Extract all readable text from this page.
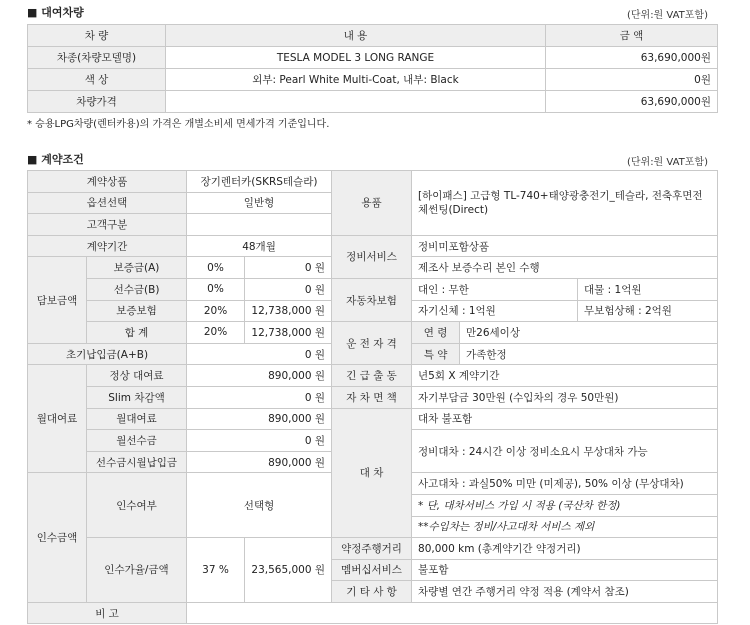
■ 대여차량	(단위:원 VAT포함)
차 량	내 용	금 액
차종(차량모델명)	TESLA MODEL 3 LONG RANGE	63,690,000원
색 상	외부: Pearl White Multi-Coat, 내부: Black	0원
차량가격		63,690,000원
* 승용LPG차량(렌터카용)의 가격은 개별소비세 면세가격 기준입니다.
■ 계약조건	(단위:원 VAT포함)
계약상품		장기렌터카(SKRS테슬라)		용품	[하이패스] 고급형 TL-740+태양광충전기_테슬라, 전축후면전체썬팅(Direct)		
옵션선택		일반형					
고객구분							
계약기간		48개월		정비서비스	정비미포함상품		
담보금액	보증금(A)	0%	0 원		제조사 보증수리 본인 수행		
	선수금(B)	0%	0 원	자동차보험	대인 : 무한		대물 : 1억원
	보증보험	20%	12,738,000 원		자기신체 : 1억원		무보험상해 : 2억원
	합 계	20%	12,738,000 원	운 전 자 격	연 령	만26세이상	
초기납입금(A+B)		0 원			특 약	가족한정	
월대여료	정상 대여료	890,000 원		긴 급 출 동	년5회 X 계약기간		
	Slim 차감액	0 원		자 차 면 책	자기부담금 30만원 (수입차의 경우 50만원)		
	월대여료	890,000 원		대 차	대차 불포함		
	월선수금	0 원			정비대차 : 24시간 이상 정비소요시 무상대차 가능		
	선수금시월납입금	890,000 원					
인수금액	인수여부	선택형			사고대차 : 과실50% 미만 (미제공), 50% 이상 (무상대차)		
					* 단, 대차서비스 가입 시 적용 (국산차 한정)		
					**수입차는 정비/사고대차 서비스 제외		
	인수가율/금액	37 %	23,565,000 원	약정주행거리	80,000 km (총계약기간 약정거리)		
				멤버십서비스	불포함		
				기 타 사 항	차량별 연간 주행거리 약정 적용 (계약서 참조)		
비 고							
